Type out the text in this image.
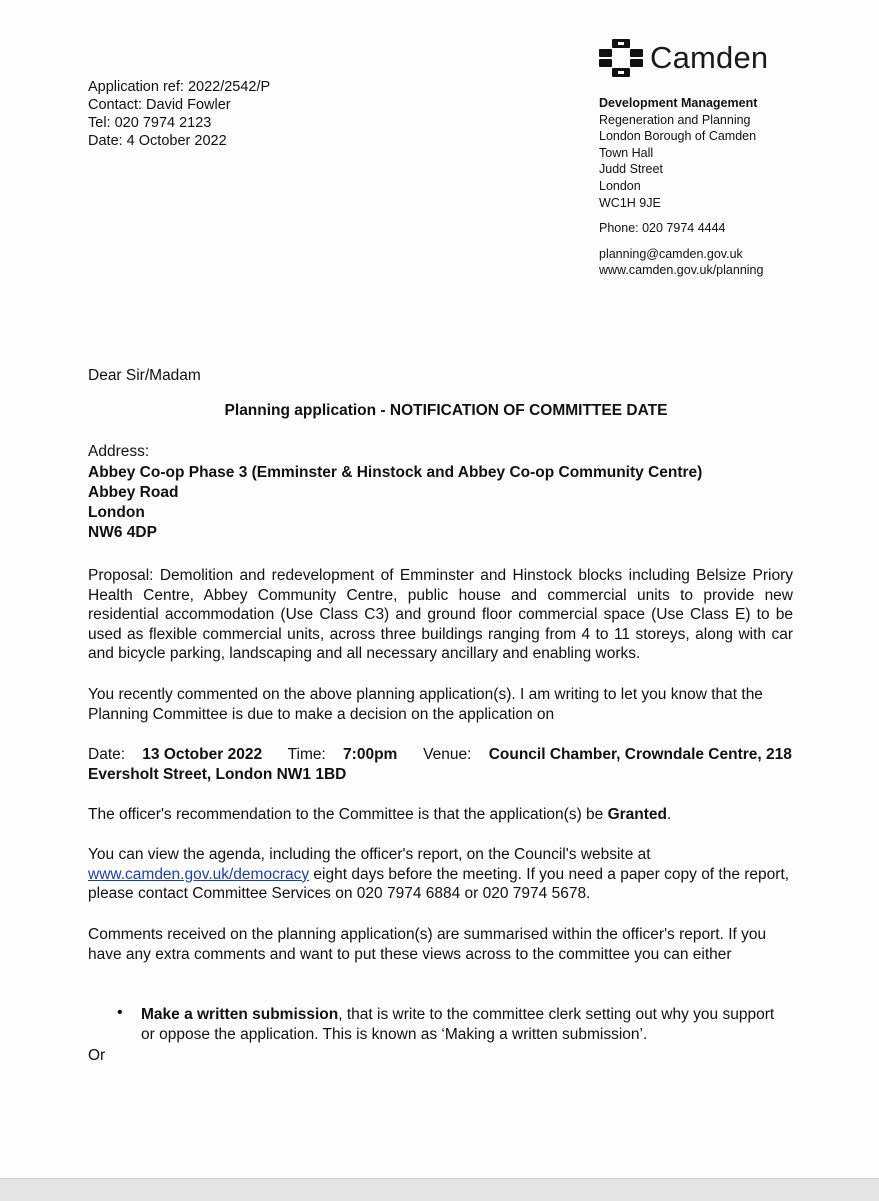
Application ref: 2022/2542/P
Contact: David Fowler
Tel: 020 7974 2123
Date: 4 October 2022
Camden
Development Management
Regeneration and Planning
London Borough of Camden
Town Hall
Judd Street
London
WC1H 9JE
Phone: 020 7974 4444
planning@camden.gov.uk
www.camden.gov.uk/planning
Dear Sir/Madam
Planning application - NOTIFICATION OF COMMITTEE DATE
Address:
Abbey Co-op Phase 3 (Emminster & Hinstock and Abbey Co-op Community Centre)
Abbey Road
London
NW6 4DP
Proposal: Demolition and redevelopment of Emminster and Hinstock blocks including Belsize Priory Health Centre, Abbey Community Centre, public house and commercial units to provide new residential accommodation (Use Class C3) and ground floor commercial space (Use Class E) to be used as flexible commercial units, across three buildings ranging from 4 to 11 storeys, along with car and bicycle parking, landscaping and all necessary ancillary and enabling works.
You recently commented on the above planning application(s). I am writing to let you know that the Planning Committee is due to make a decision on the application on
Date: 13 October 2022 Time: 7:00pm Venue: Council Chamber, Crowndale Centre, 218 Eversholt Street, London NW1 1BD
The officer's recommendation to the Committee is that the application(s) be Granted.
You can view the agenda, including the officer's report, on the Council's website at www.camden.gov.uk/democracy eight days before the meeting. If you need a paper copy of the report, please contact Committee Services on 020 7974 6884 or 020 7974 5678.
Comments received on the planning application(s) are summarised within the officer's report. If you have any extra comments and want to put these views across to the committee you can either
• Make a written submission, that is write to the committee clerk setting out why you support or oppose the application. This is known as ‘Making a written submission’.
Or
